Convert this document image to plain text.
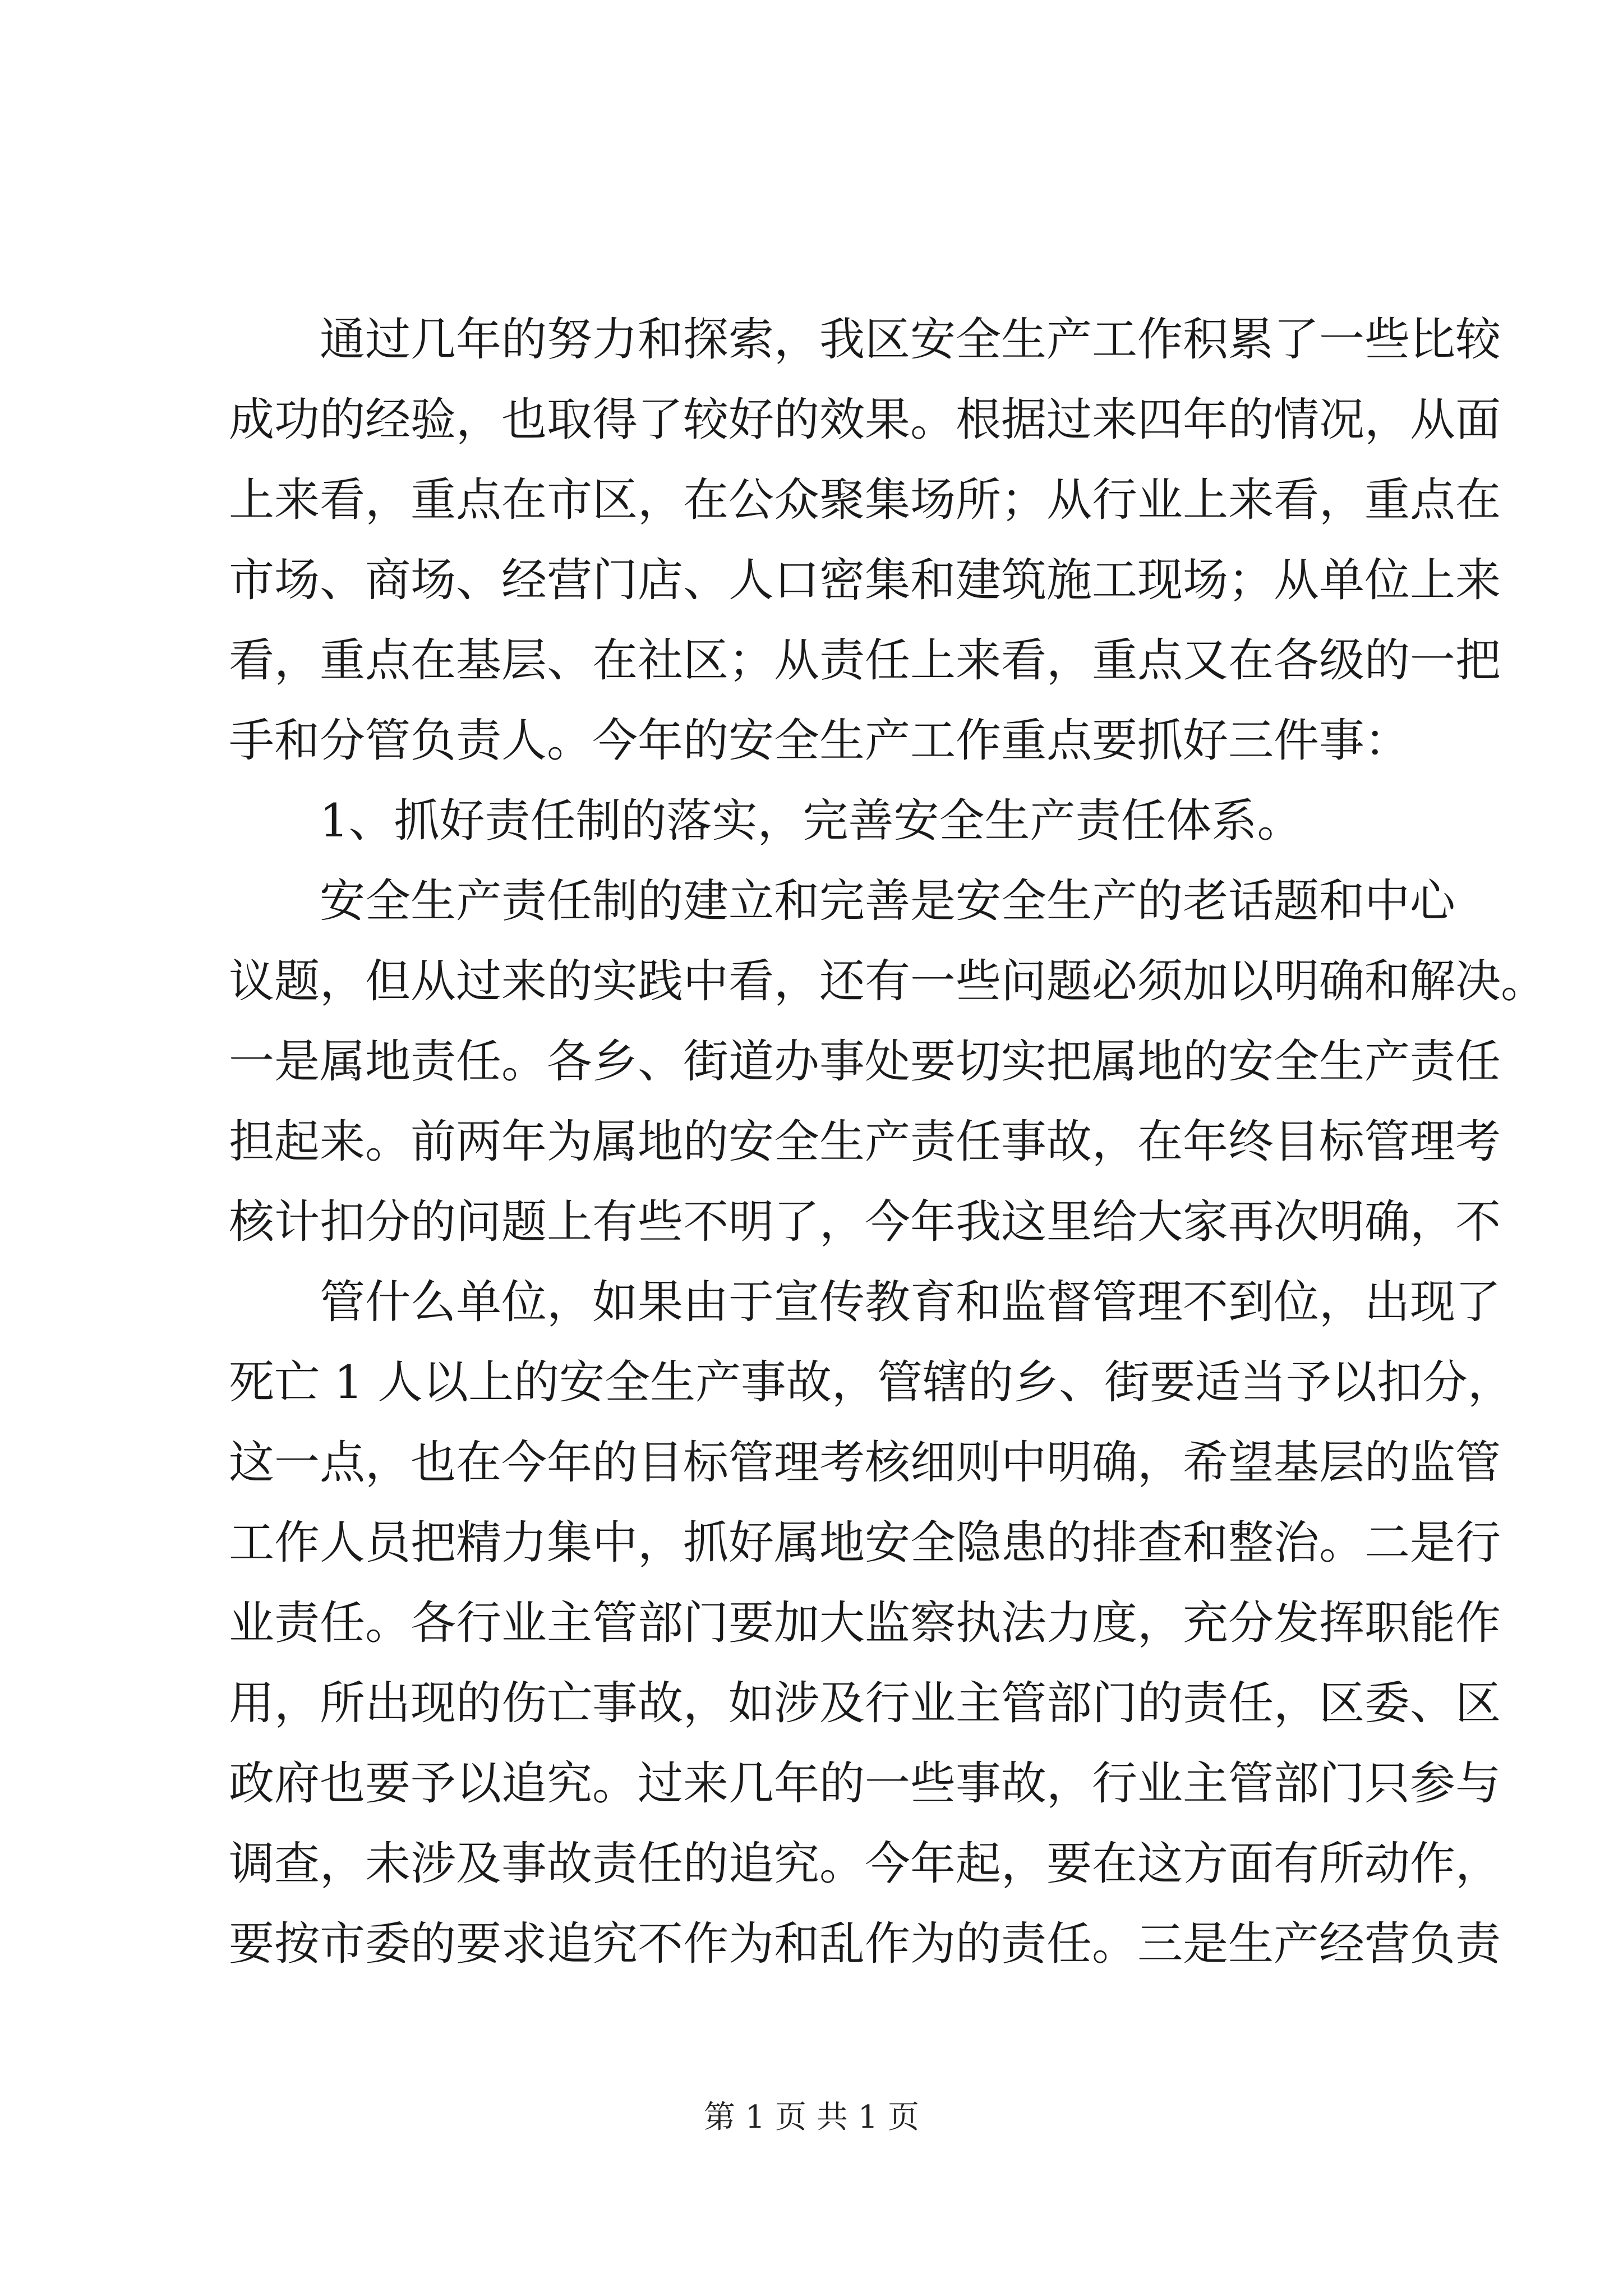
通过几年的努力和探索，我区安全生产工作积累了一些比较
成功的经验，也取得了较好的效果。根据过来四年的情况，从面
上来看，重点在市区，在公众聚集场所；从行业上来看，重点在
市场、商场、经营门店、人口密集和建筑施工现场；从单位上来
看，重点在基层、在社区；从责任上来看，重点又在各级的一把
手和分管负责人。今年的安全生产工作重点要抓好三件事：
1、抓好责任制的落实，完善安全生产责任体系。
安全生产责任制的建立和完善是安全生产的老话题和中心
议题，但从过来的实践中看，还有一些问题必须加以明确和解决。
一是属地责任。各乡、街道办事处要切实把属地的安全生产责任
担起来。前两年为属地的安全生产责任事故，在年终目标管理考
核计扣分的问题上有些不明了，今年我这里给大家再次明确，不
管什么单位，如果由于宣传教育和监督管理不到位，出现了
死亡 1 人以上的安全生产事故，管辖的乡、街要适当予以扣分，
这一点，也在今年的目标管理考核细则中明确，希望基层的监管
工作人员把精力集中，抓好属地安全隐患的排查和整治。二是行
业责任。各行业主管部门要加大监察执法力度，充分发挥职能作
用，所出现的伤亡事故，如涉及行业主管部门的责任，区委、区
政府也要予以追究。过来几年的一些事故，行业主管部门只参与
调查，未涉及事故责任的追究。今年起，要在这方面有所动作，
要按市委的要求追究不作为和乱作为的责任。三是生产经营负责
第 1 页 共 1 页
